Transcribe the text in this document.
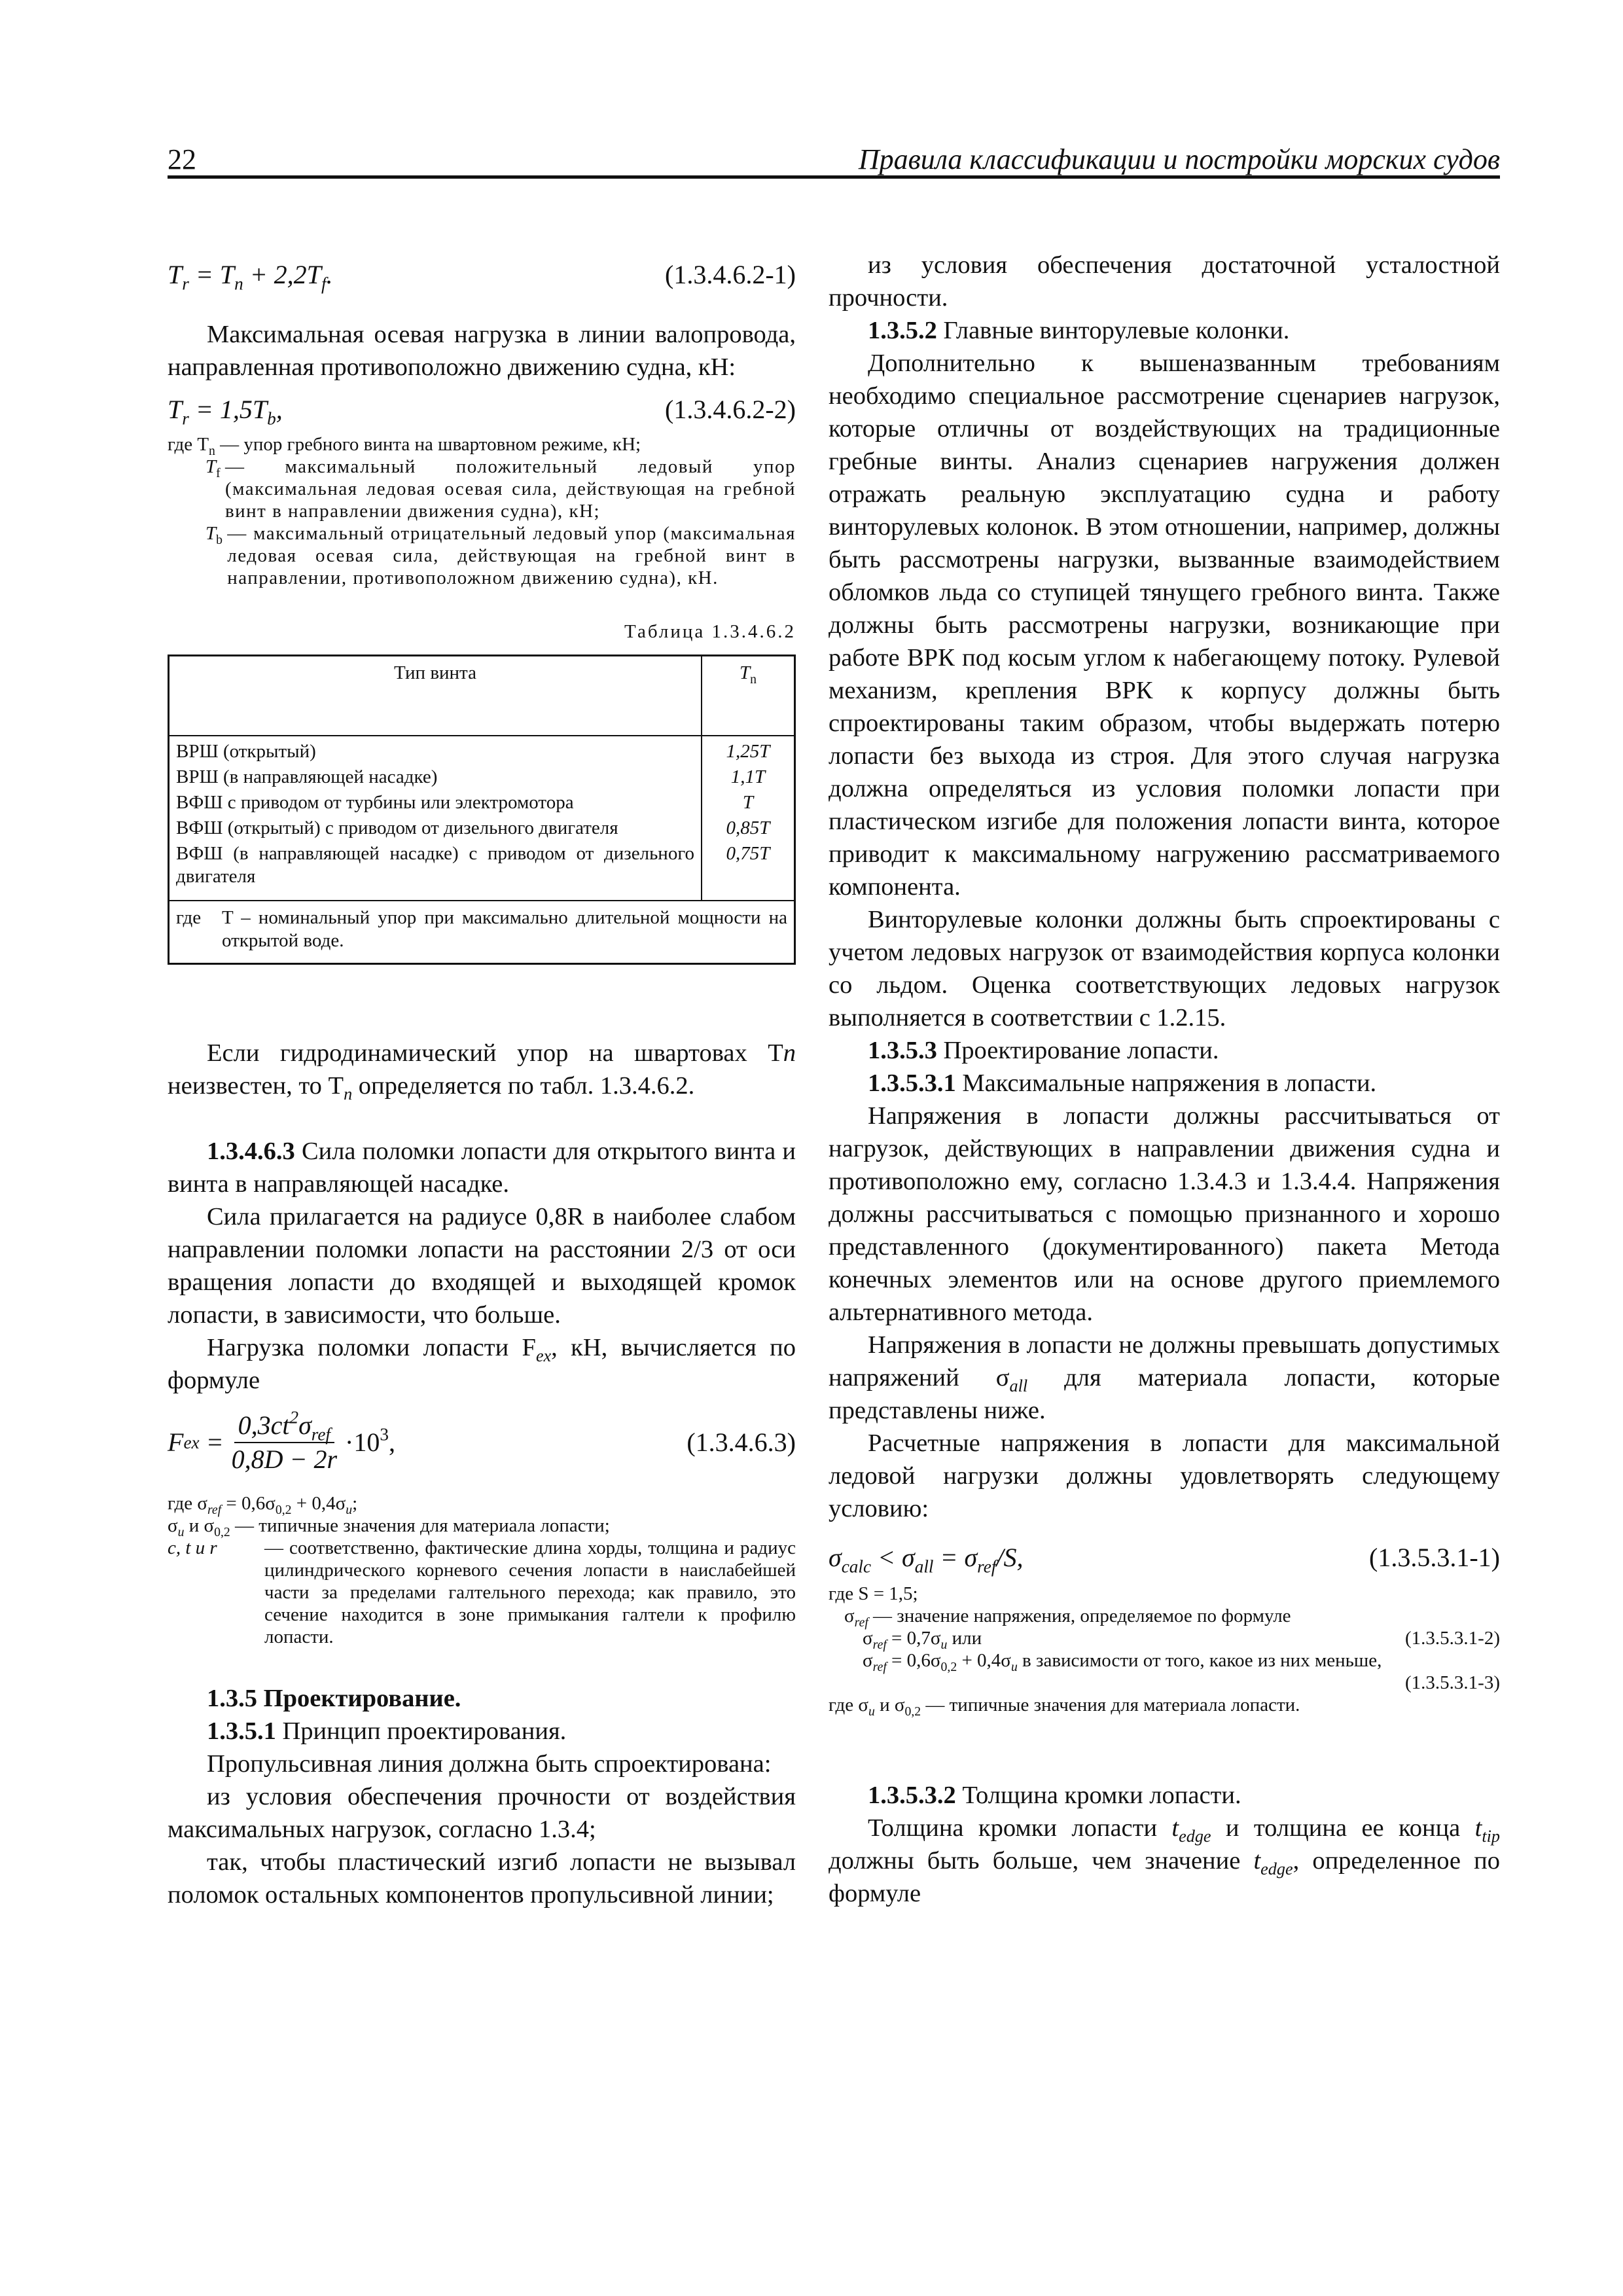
22	Правила классификации и постройки морских судов
$T_r = T_n + 2,2T_f$.	(1.3.4.6.2-1)

Максимальная осевая нагрузка в линии валопровода, направленная противоположно движению судна, кН:

$T_r = 1,5T_b$,	(1.3.4.6.2-2)
где $T_n$ — упор гребного винта на швартовном режиме, кН;
$T_f$ — максимальный положительный ледовый упор (максимальная ледовая осевая сила, действующая на гребной винт в направлении движения судна), кН;
$T_b$ — максимальный отрицательный ледовый упор (максимальная ледовая осевая сила, действующая на гребной винт в направлении, противоположном движению судна), кН.
Таблица 1.3.4.6.2
Тип винта	$T_n$
ВРШ (открытый)	1,25T
ВРШ (в направляющей насадке)	1,1T
ВФШ с приводом от турбины или электромотора	T
ВФШ (открытый) с приводом от дизельного двигателя	0,85T
ВФШ (в направляющей насадке) с приводом от дизельного двигателя	0,75T

где T – номинальный упор при максимально длительной мощности на открытой воде.	

Если гидродинамический упор на швартовах Tn неизвестен, то $T_n$ определяется по табл. 1.3.4.6.2.

1.3.4.6.3 Сила поломки лопасти для открытого винта и винта в направляющей насадке.

Сила прилагается на радиусе 0,8R в наиболее слабом направлении поломки лопасти на расстоянии 2/3 от оси вращения лопасти до входящей и выходящей кромок лопасти, в зависимости, что больше.

Нагрузка поломки лопасти $F_{ex}$, кН, вычисляется по формуле

F ex = $\frac{0,3ct^2\sigma_{ref}}{0,8D - 2r} \cdot 10^3$,	(1.3.4.6.3)
где $\sigma_{ref} = 0,6\sigma_{0,2} + 0,4\sigma_u$;
$\sigma_u$ и $\sigma_{0,2}$ — типичные значения для материала лопасти;
c, t и r	— соответственно, фактические длина хорды, толщина и радиус цилиндрического корневого сечения лопасти в наислабейшей части за пределами галтельного перехода; как правило, это сечение находится в зоне примыкания галтели к профилю лопасти.

1.3.5 Проектирование.

1.3.5.1 Принцип проектирования.

Пропульсивная линия должна быть спроектирована:

из условия обеспечения прочности от воздействия максимальных нагрузок, согласно 1.3.4;

так, чтобы пластический изгиб лопасти не вызывал поломок остальных компонентов пропульсивной линии;

из условия обеспечения достаточной усталостной прочности.

1.3.5.2 Главные винторулевые колонки.

Дополнительно к вышеназванным требованиям необходимо специальное рассмотрение сценариев нагрузок, которые отличны от воздействующих на традиционные гребные винты. Анализ сценариев нагружения должен отражать реальную эксплуатацию судна и работу винторулевых колонок. В этом отношении, например, должны быть рассмотрены нагрузки, вызванные взаимодействием обломков льда со ступицей тянущего гребного винта. Также должны быть рассмотрены нагрузки, возникающие при работе ВРК под косым углом к набегающему потоку. Рулевой механизм, крепления ВРК к корпусу должны быть спроектированы таким образом, чтобы выдержать потерю лопасти без выхода из строя. Для этого случая нагрузка должна определяться из условия поломки лопасти при пластическом изгибе для положения лопасти винта, которое приводит к максимальному нагружению рассматриваемого компонента.

Винторулевые колонки должны быть спроектированы с учетом ледовых нагрузок от взаимодействия корпуса колонки со льдом. Оценка соответствующих ледовых нагрузок выполняется в соответствии с 1.2.15.

1.3.5.3 Проектирование лопасти.

1.3.5.3.1 Максимальные напряжения в лопасти.

Напряжения в лопасти должны рассчитываться от нагрузок, действующих в направлении движения судна и противоположно ему, согласно 1.3.4.3 и 1.3.4.4. Напряжения должны рассчитываться с помощью признанного и хорошо представленного (документированного) пакета Метода конечных элементов или на основе другого приемлемого альтернативного метода.

Напряжения в лопасти не должны превышать допустимых напряжений $\sigma_{all}$ для материала лопасти, которые представлены ниже.

Расчетные напряжения в лопасти для максимальной ледовой нагрузки должны удовлетворять следующему условию:

$\sigma_{calc} < \sigma_{all} = \sigma_{ref}/S$,	(1.3.5.3.1-1)
где S = 1,5;
$\sigma_{ref}$ — значение напряжения, определяемое по формуле
$\sigma_{ref} = 0,7\sigma_u$ или	(1.3.5.3.1-2)
$\sigma_{ref} = 0,6\sigma_{0,2} + 0,4\sigma_u$ в зависимости от того, какое из них меньше,
(1.3.5.3.1-3)
где $\sigma_u$ и $\sigma_{0,2}$ — типичные значения для материала лопасти.

1.3.5.3.2 Толщина кромки лопасти.

Толщина кромки лопасти $t_{edge}$ и толщина ее конца $t_{tip}$ должны быть больше, чем значение $t_{edge}$, определенное по формуле
